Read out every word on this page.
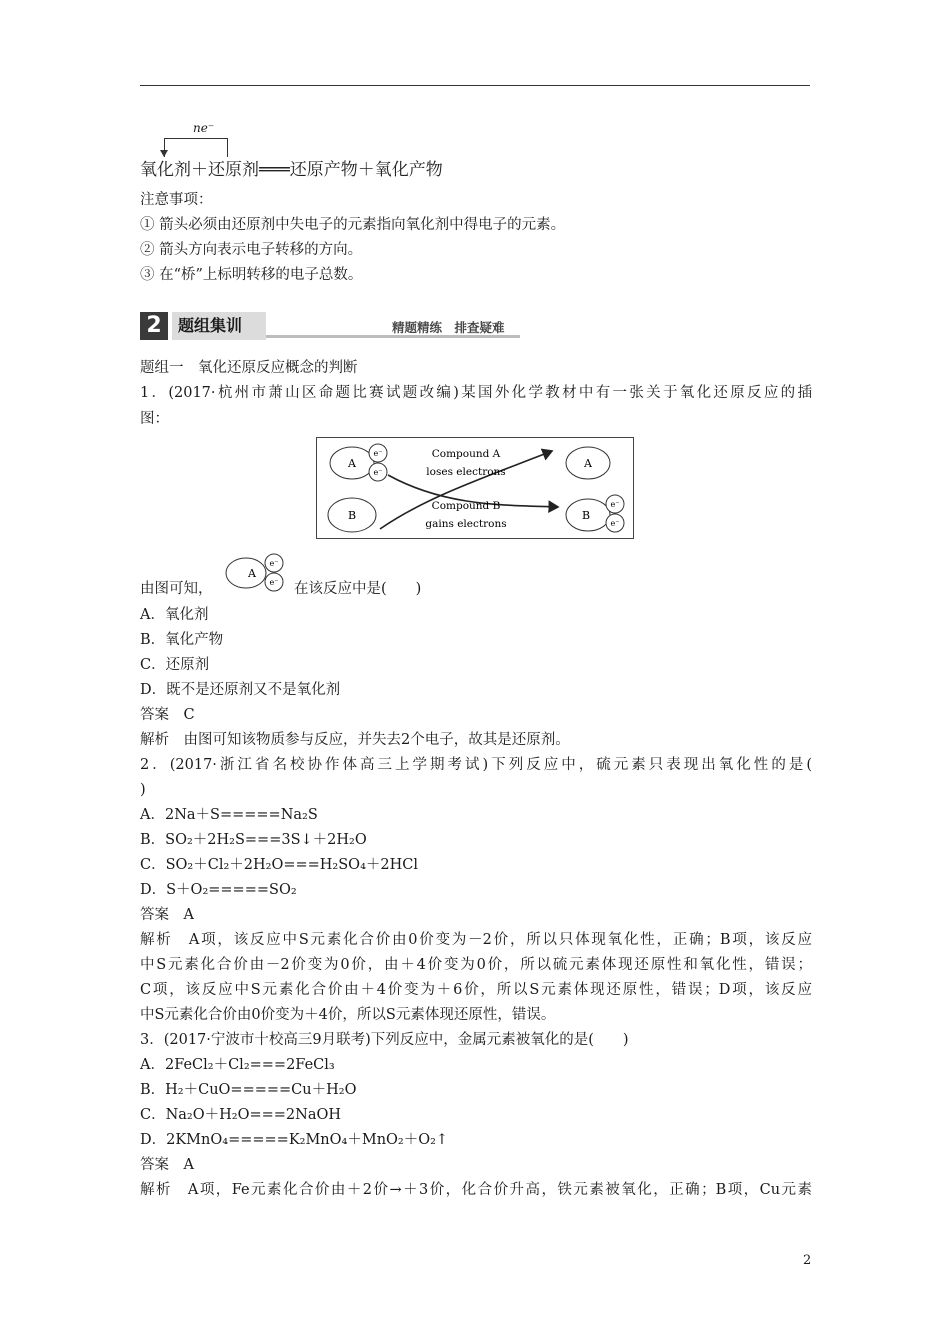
ne⁻
氧化剂＋还原剂═══还原产物＋氧化产物
注意事项：
① 箭头必须由还原剂中失电子的元素指向氧化剂中得电子的元素。
② 箭头方向表示电子转移的方向。
③ 在“桥”上标明转移的电子总数。
2	题组集训	精题精练　排查疑难
题组一　氧化还原反应概念的判断
1．(2017·杭州市萧山区命题比赛试题改编)某国外化学教材中有一张关于氧化还原反应的插
图：
A
e⁻
e⁻
B
Compound A
loses electrons
Compound B
gains electrons
A
B
e⁻
e⁻
由图可知，
A
e⁻
e⁻ 在该反应中是(　　)
A．氧化剂
B．氧化产物
C．还原剂
D．既不是还原剂又不是氧化剂
答案　C
解析　由图可知该物质参与反应，并失去2个电子，故其是还原剂。
2．(2017·浙江省名校协作体高三上学期考试)下列反应中，硫元素只表现出氧化性的是(
)
A．2Na＋S=====Na₂S
B．SO₂＋2H₂S===3S↓＋2H₂O
C．SO₂＋Cl₂＋2H₂O===H₂SO₄＋2HCl
D．S＋O₂=====SO₂
答案　A
解析　A项，该反应中S元素化合价由0价变为－2价，所以只体现氧化性，正确；B项，该反应
中S元素化合价由－2价变为0价，由＋4价变为0价，所以硫元素体现还原性和氧化性，错误；
C项，该反应中S元素化合价由＋4价变为＋6价，所以S元素体现还原性，错误；D项，该反应
中S元素化合价由0价变为＋4价，所以S元素体现还原性，错误。
3．(2017·宁波市十校高三9月联考)下列反应中，金属元素被氧化的是(　　)
A．2FeCl₂＋Cl₂===2FeCl₃
B．H₂＋CuO=====Cu＋H₂O
C．Na₂O＋H₂O===2NaOH
D．2KMnO₄=====K₂MnO₄＋MnO₂＋O₂↑
答案　A
解析　A项，Fe元素化合价由＋2价→＋3价，化合价升高，铁元素被氧化，正确；B项，Cu元素
2
